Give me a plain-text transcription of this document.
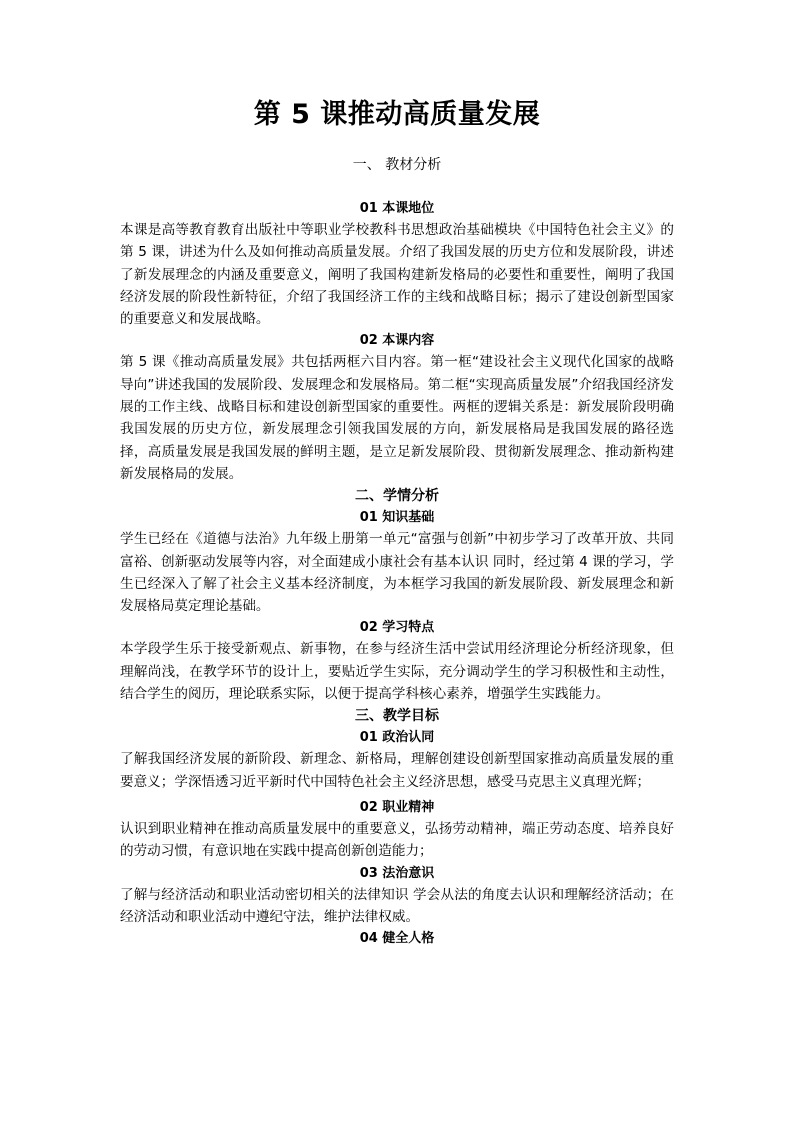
第 5 课推动高质量发展
一、 教材分析
01 本课地位

本课是高等教育教育出版社中等职业学校教科书思想政治基础模块《中国特色社会主义》的第 5 课，讲述为什么及如何推动高质量发展。介绍了我国发展的历史方位和发展阶段，讲述了新发展理念的内涵及重要意义，阐明了我国构建新发格局的必要性和重要性，阐明了我国经济发展的阶段性新特征，介绍了我国经济工作的主线和战略目标；揭示了建设创新型国家的重要意义和发展战略。

02 本课内容

第 5 课《推动高质量发展》共包括两框六目内容。第一框“建设社会主义现代化国家的战略导向”讲述我国的发展阶段、发展理念和发展格局。第二框“实现高质量发展”介绍我国经济发展的工作主线、战略目标和建设创新型国家的重要性。两框的逻辑关系是：新发展阶段明确我国发展的历史方位，新发展理念引领我国发展的方向，新发展格局是我国发展的路径选择，高质量发展是我国发展的鲜明主题，是立足新发展阶段、贯彻新发展理念、推动新构建新发展格局的发展。

二、学情分析
01 知识基础

学生已经在《道德与法治》九年级上册第一单元“富强与创新”中初步学习了改革开放、共同富裕、创新驱动发展等内容，对全面建成小康社会有基本认识 同时，经过第 4 课的学习，学生已经深入了解了社会主义基本经济制度，为本框学习我国的新发展阶段、新发展理念和新发展格局莫定理论基础。

02 学习特点

本学段学生乐于接受新观点、新事物，在参与经济生活中尝试用经济理论分析经济现象，但理解尚浅，在教学环节的设计上，要贴近学生实际，充分调动学生的学习积极性和主动性，结合学生的阅历，理论联系实际，以便于提高学科核心素养，增强学生实践能力。

三、教学目标
01 政治认同

了解我国经济发展的新阶段、新理念、新格局，理解创建设创新型国家推动高质量发展的重要意义；学深悟透习近平新时代中国特色社会主义经济思想，感受马克思主义真理光辉；

02 职业精神

认识到职业精神在推动高质量发展中的重要意义，弘扬劳动精神，端正劳动态度、培养良好的劳动习惯，有意识地在实践中提高创新创造能力；

03 法治意识

了解与经济活动和职业活动密切相关的法律知识 学会从法的角度去认识和理解经济活动；在经济活动和职业活动中遵纪守法，维护法律权威。

04 健全人格
